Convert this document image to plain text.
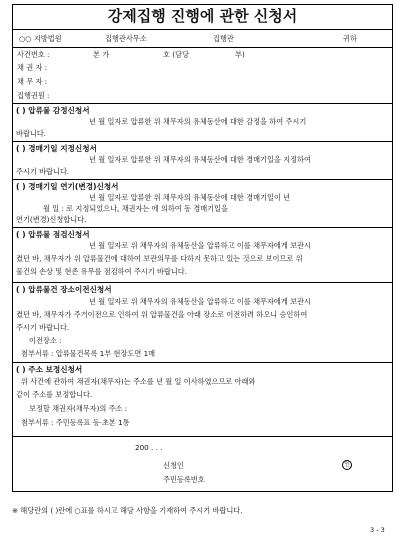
강제집행 진행에 관한 신청서
○○ 지방법원	집행관사무소	집행관	귀하
사건번호 :	본 가	호 (담당	부)
채 권 자 :
채 무 자 :
집행권원 :
( ) 압류물 감정신청서
년 월 일자로 압류한 위 채무자의 유체동산에 대한 감정을 하여 주시기
바랍니다.
( ) 경매기일 지정신청서
년 월 일자로 압류한 위 채무자의 유체동산에 대한 경매기일을 지정하여
주시기 바랍니다.
( ) 경매기일 연기(변경)신청서
년 월 일자로 압류한 위 채무자의 유체동산에 대한 경매기일이 년
월 일 : 로 지정되었으나, 채권자는 에 의하여 동 경매기일을
연기(변경)신청합니다.
( ) 압류물 점검신청서
년 월 일자로 위 채무자의 유체동산을 압류하고 이를 채무자에게 보관시
켰던 바, 채무자가 위 압류물건에 대하여 보관의무를 다하지 못하고 있는 것으로 보이므로 위
물건의 손상 및 현존 유무를 점검하여 주시기 바랍니다.
( ) 압류물건 장소이전신청서
년 월 일자로 위 채무자의 유체동산을 압류하고 이를 채무자에게 보관시
켰던 바, 채무자가 주거이전으로 인하여 위 압류물건을 아래 장소로 이전하려 하오니 승인하여
주시기 바랍니다.
이전장소 :
첨부서류 : 압류물건목록 1부 현장도면 1매
( ) 주소 보정신청서
위 사건에 관하여 채권자(채무자)는 주소를 년 월 일 이사하였으므로 아래와
같이 주소를 보정합니다.
보정할 채권자(채무자)의 주소 :
첨부서류 : 주민등록표 등·초본 1통
200 . . .
신청인	인
주민등록번호
※ 해당란의 ( )란에 ○표를 하시고 해당 사항을 기재하여 주시기 바랍니다.
3 - 3
